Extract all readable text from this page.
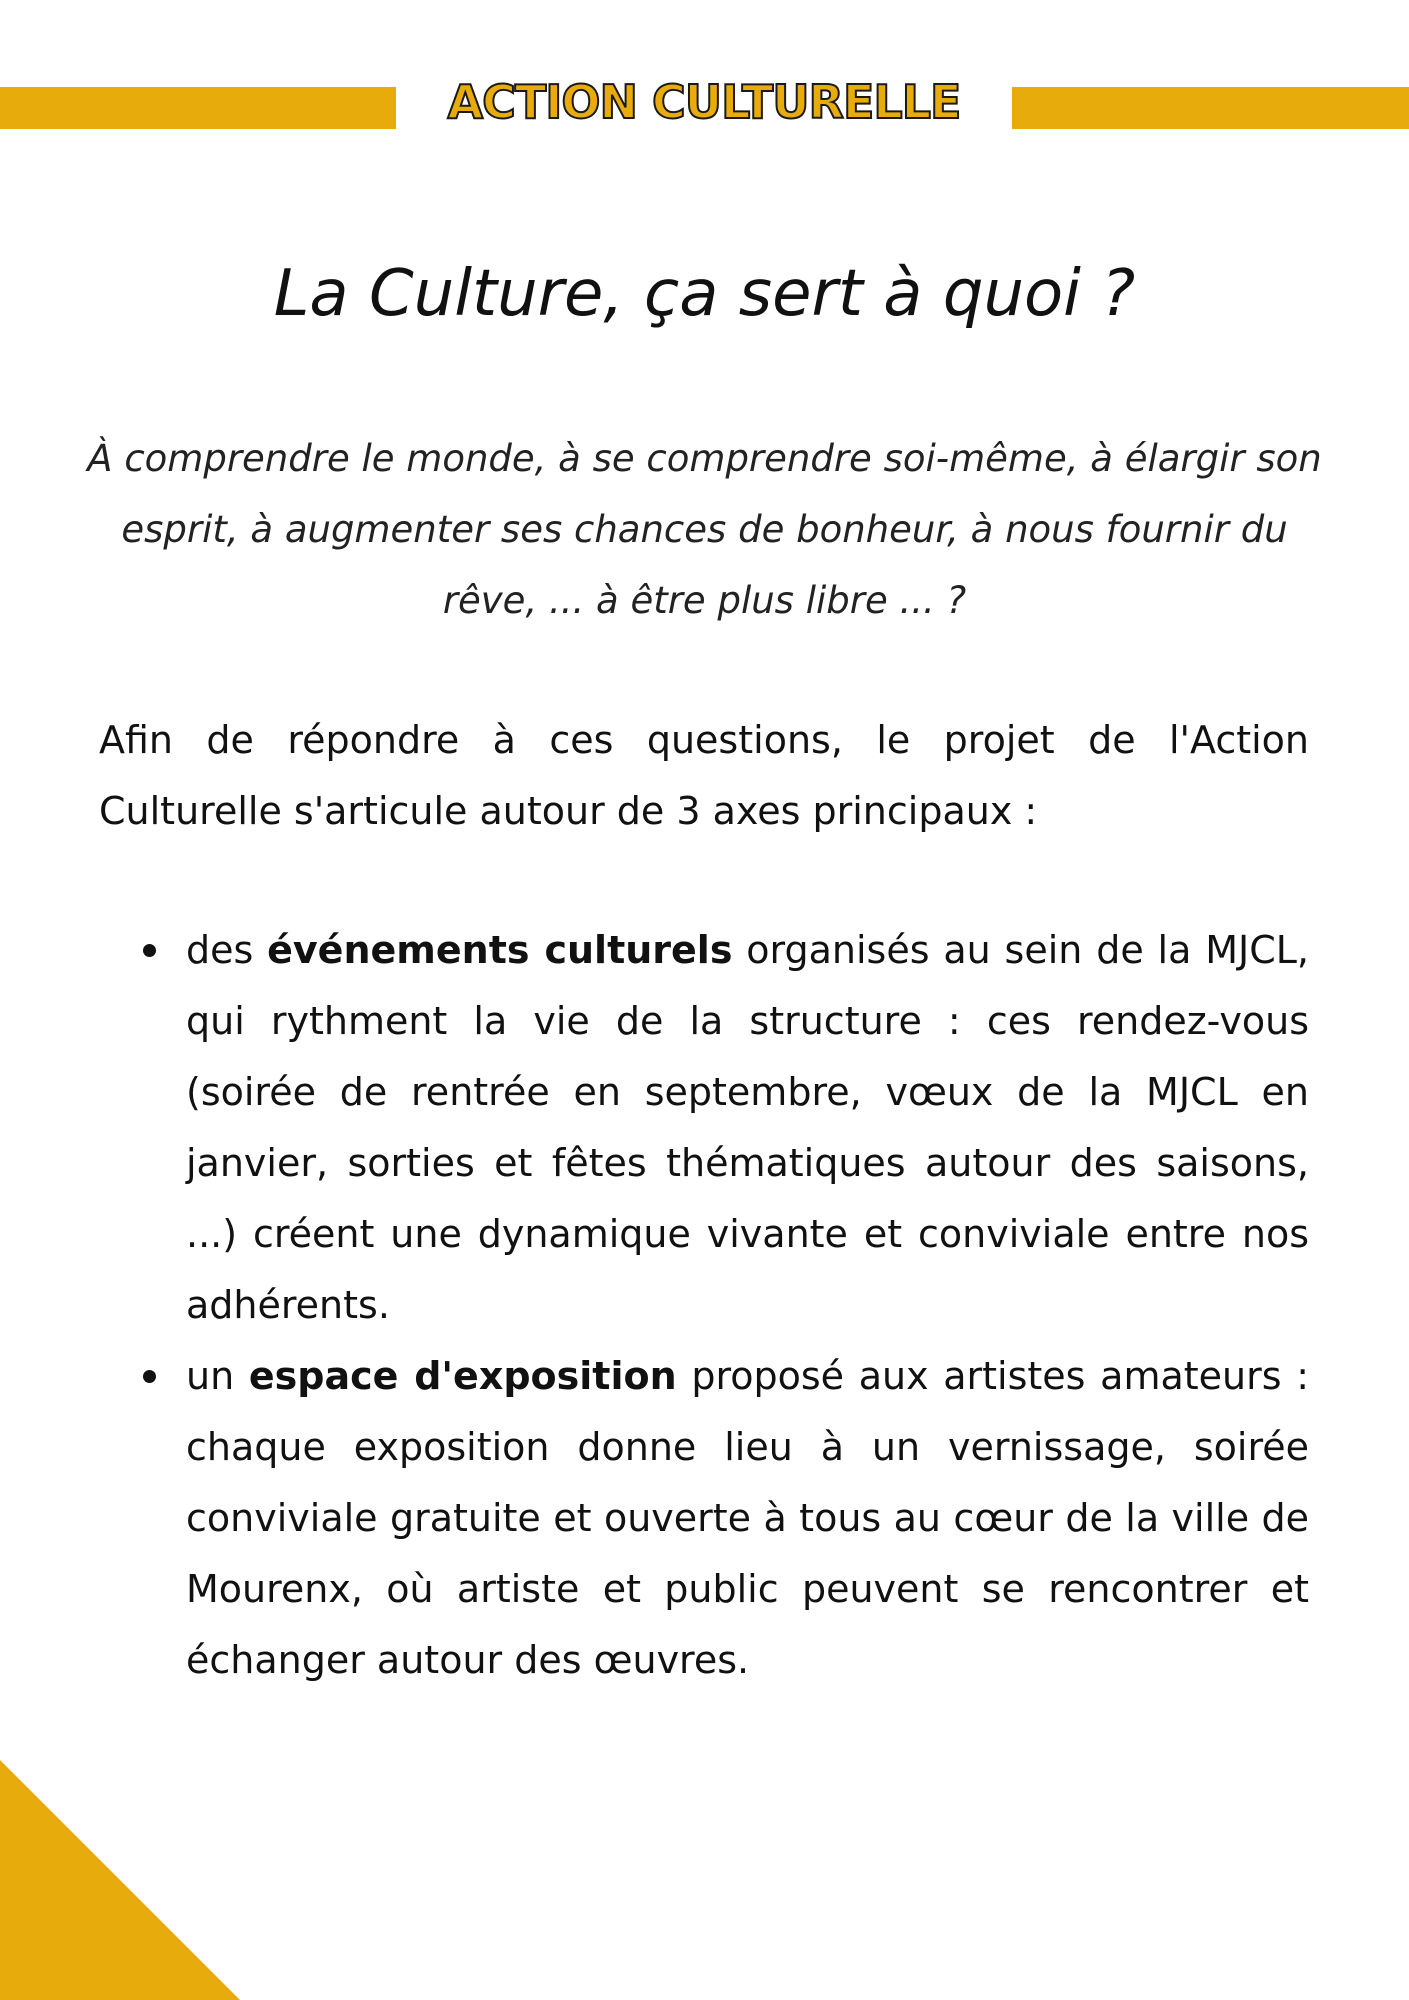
ACTION CULTURELLE
La Culture, ça sert à quoi ?

À comprendre le monde, à se comprendre soi-même, à élargir son esprit, à augmenter ses chances de bonheur, à nous fournir du rêve, ... à être plus libre ... ?

Afin de répondre à ces questions, le projet de l'Action Culturelle s'articule autour de 3 axes principaux :

des événements culturels organisés au sein de la MJCL, qui rythment la vie de la structure : ces rendez-vous (soirée de rentrée en septembre, vœux de la MJCL en janvier, sorties et fêtes thématiques autour des saisons, ...) créent une dynamique vivante et conviviale entre nos adhérents.
un espace d'exposition proposé aux artistes amateurs : chaque exposition donne lieu à un vernissage, soirée conviviale gratuite et ouverte à tous au cœur de la ville de Mourenx, où artiste et public peuvent se rencontrer et échanger autour des œuvres.
